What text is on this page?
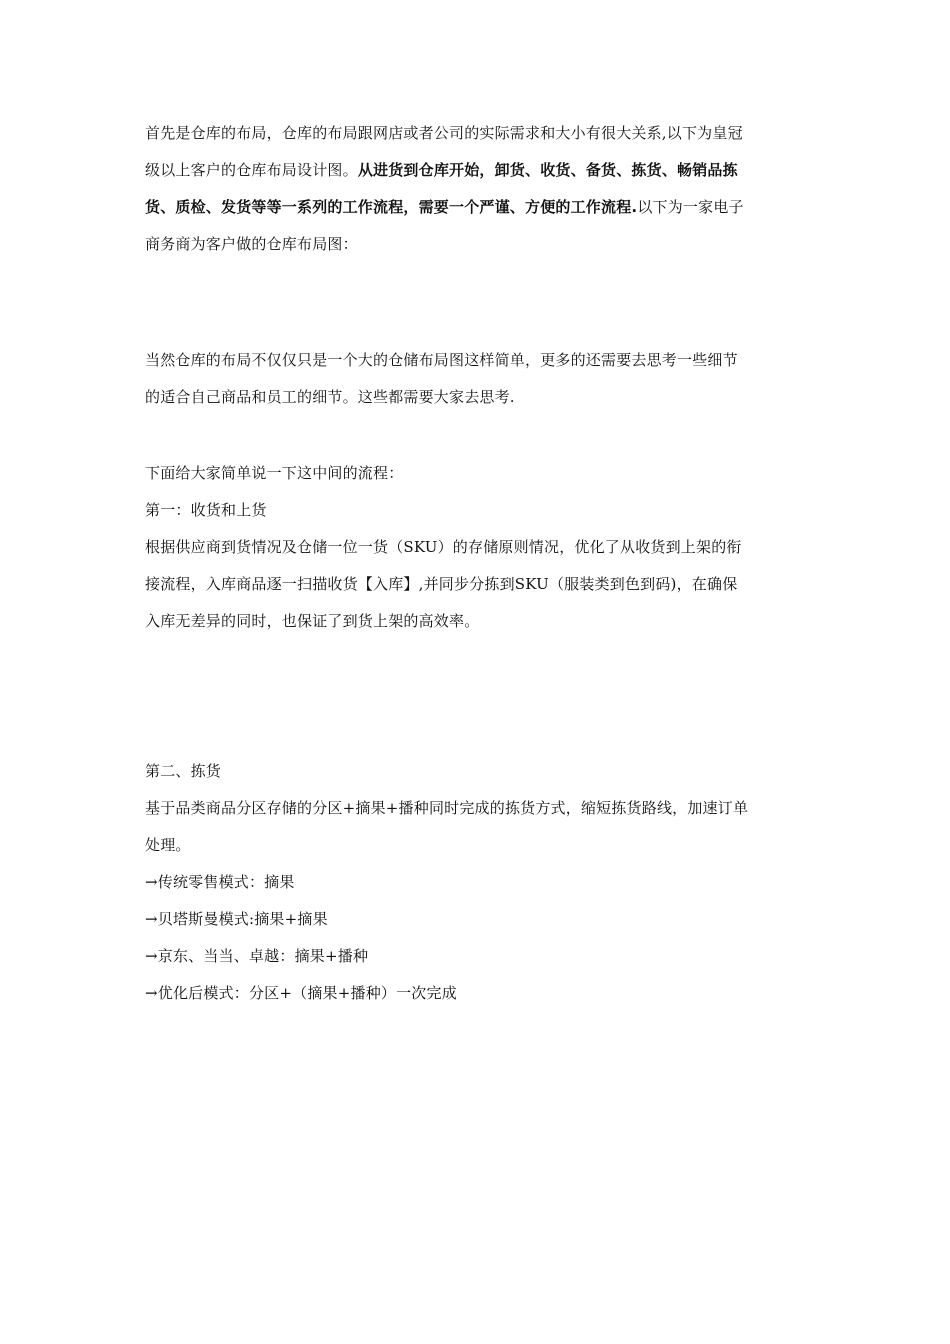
首先是仓库的布局，仓库的布局跟网店或者公司的实际需求和大小有很大关系,以下为皇冠
级以上客户的仓库布局设计图。从进货到仓库开始，卸货、收货、备货、拣货、畅销品拣
货、质检、发货等等一系列的工作流程，需要一个严谨、方便的工作流程.以下为一家电子
商务商为客户做的仓库布局图：

当然仓库的布局不仅仅只是一个大的仓储布局图这样简单，更多的还需要去思考一些细节
的适合自己商品和员工的细节。这些都需要大家去思考.

下面给大家简单说一下这中间的流程：
第一：收货和上货
根据供应商到货情况及仓储一位一货（SKU）的存储原则情况，优化了从收货到上架的衔
接流程，入库商品逐一扫描收货【入库】,并同步分拣到SKU（服装类到色到码)，在确保
入库无差异的同时，也保证了到货上架的高效率。

第二、拣货
基于品类商品分区存储的分区+摘果+播种同时完成的拣货方式，缩短拣货路线，加速订单
处理。
→传统零售模式：摘果
→贝塔斯曼模式:摘果+摘果
→京东、当当、卓越：摘果+播种
→优化后模式：分区+（摘果+播种）一次完成
